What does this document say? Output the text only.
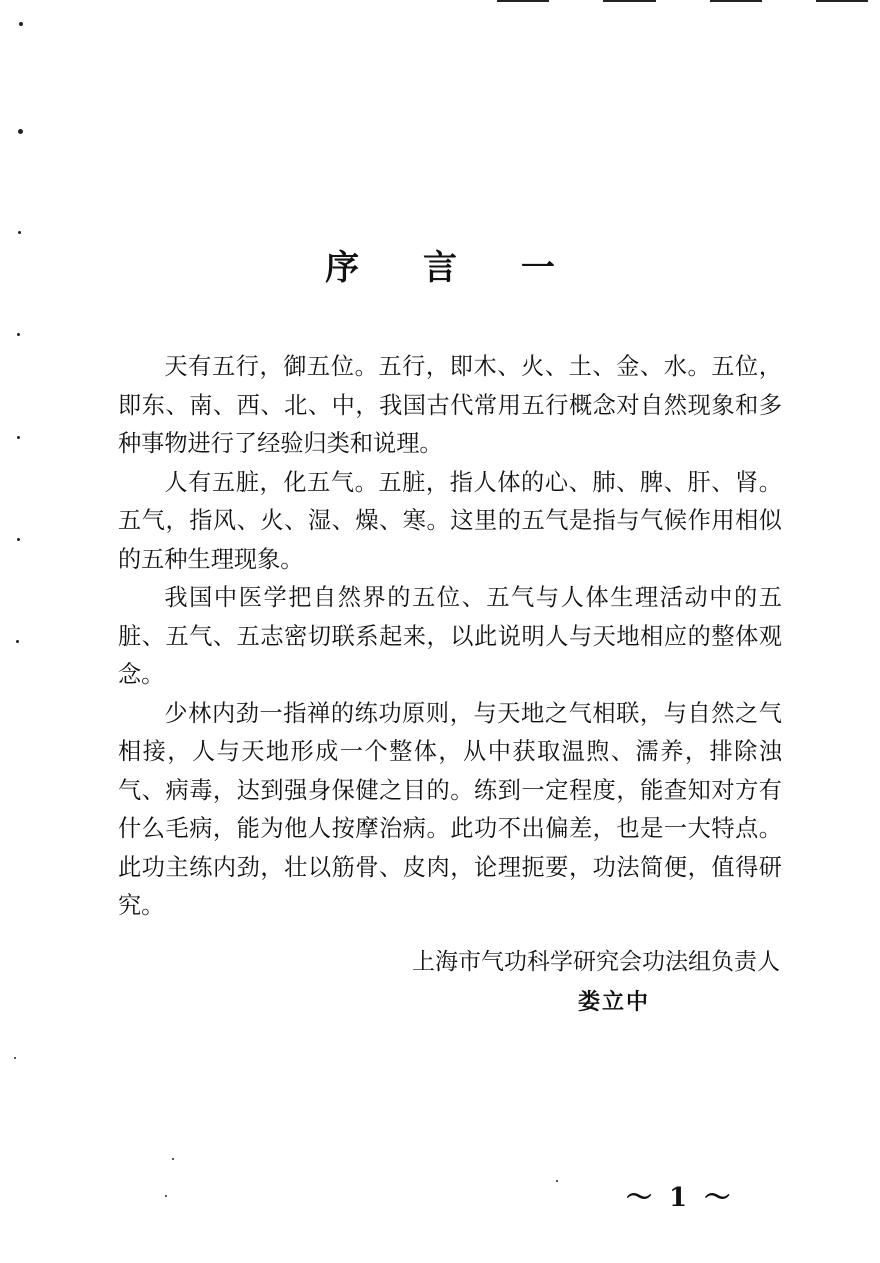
序 言 一

天有五行，御五位。五行，即木、火、土、金、水。五位，即东、南、西、北、中，我国古代常用五行概念对自然现象和多种事物进行了经验归类和说理。

人有五脏，化五气。五脏，指人体的心、肺、脾、肝、肾。五气，指风、火、湿、燥、寒。这里的五气是指与气候作用相似的五种生理现象。

我国中医学把自然界的五位、五气与人体生理活动中的五脏、五气、五志密切联系起来，以此说明人与天地相应的整体观念。

少林内劲一指禅的练功原则，与天地之气相联，与自然之气相接，人与天地形成一个整体，从中获取温煦、濡养，排除浊气、病毒，达到强身保健之目的。练到一定程度，能查知对方有什么毛病，能为他人按摩治病。此功不出偏差，也是一大特点。此功主练内劲，壮以筋骨、皮肉，论理扼要，功法简便，值得研究。

上海市气功科学研究会功法组负责人
娄立中
～ 1 ～
